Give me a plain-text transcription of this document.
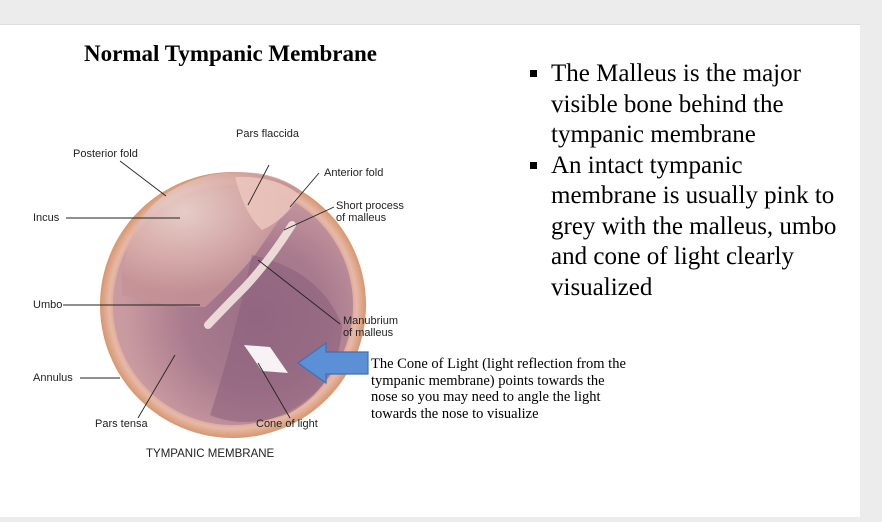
Normal Tympanic Membrane
Pars flaccida
Posterior fold
Anterior fold
Short process
of malleus
Incus
Umbo
Manubrium
of malleus
Annulus
Pars tensa	Cone of light
TYMPANIC MEMBRANE
The Cone of Light (light reflection from the tympanic membrane) points towards the nose so you may need to angle the light towards the nose to visualize
The Malleus is the major visible bone behind the tympanic membrane
An intact tympanic membrane is usually pink to grey with the malleus, umbo and cone of light clearly visualized
